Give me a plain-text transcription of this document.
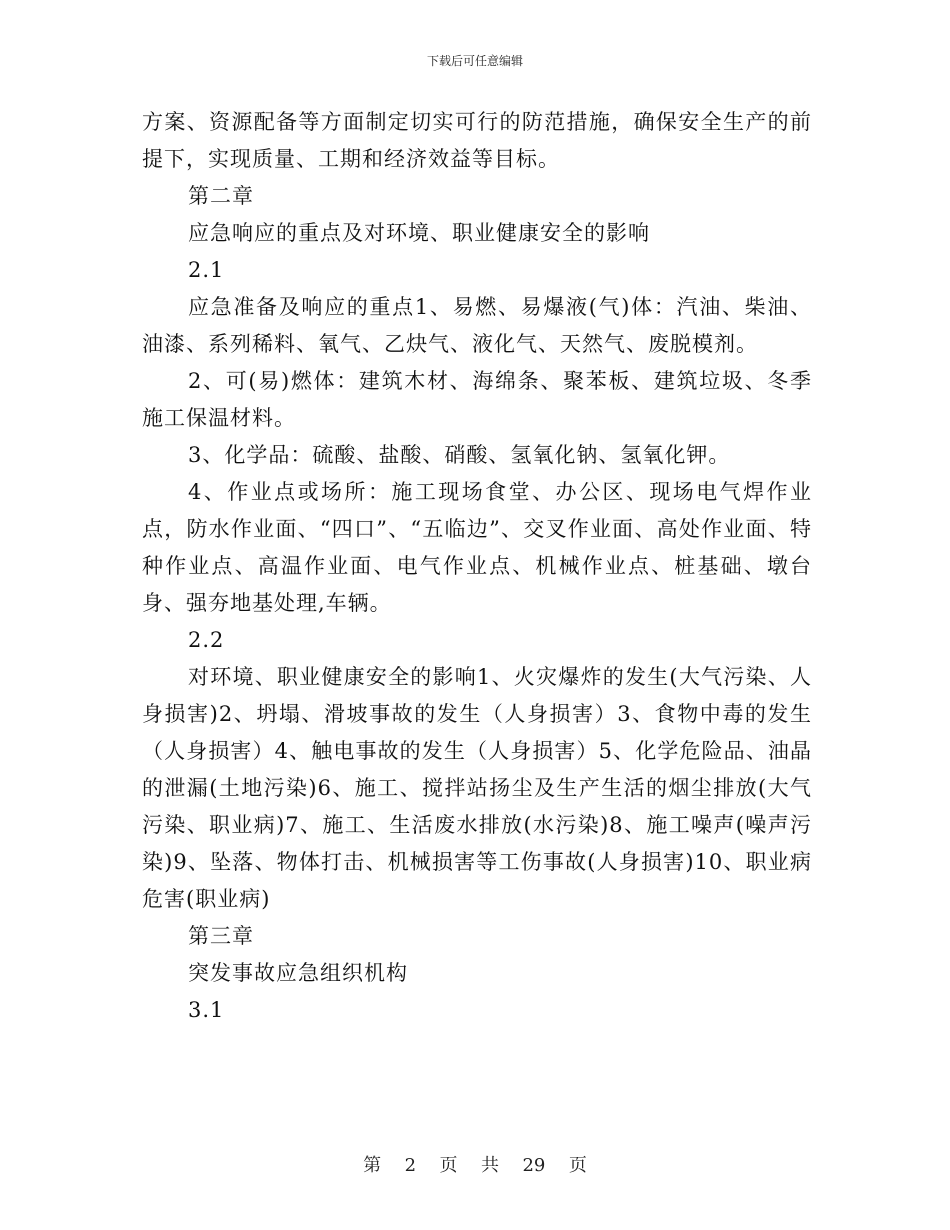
下载后可任意编辑

方案、资源配备等方面制定切实可行的防范措施，确保安全生产的前提下，实现质量、工期和经济效益等目标。

第二章

应急响应的重点及对环境、职业健康安全的影响

2.1

应急准备及响应的重点1、易燃、易爆液(气)体：汽油、柴油、油漆、系列稀料、氧气、乙炔气、液化气、天然气、废脱模剂。

2、可(易)燃体：建筑木材、海绵条、聚苯板、建筑垃圾、冬季施工保温材料。

3、化学品：硫酸、盐酸、硝酸、氢氧化钠、氢氧化钾。

4、作业点或场所：施工现场食堂、办公区、现场电气焊作业点，防水作业面、“四口”、“五临边”、交叉作业面、高处作业面、特种作业点、高温作业面、电气作业点、机械作业点、桩基础、墩台身、强夯地基处理,车辆。

2.2

对环境、职业健康安全的影响1、火灾爆炸的发生(大气污染、人身损害)2、坍塌、滑坡事故的发生（人身损害）3、食物中毒的发生（人身损害）4、触电事故的发生（人身损害）5、化学危险品、油晶的泄漏(土地污染)6、施工、搅拌站扬尘及生产生活的烟尘排放(大气污染、职业病)7、施工、生活废水排放(水污染)8、施工噪声(噪声污染)9、坠落、物体打击、机械损害等工伤事故(人身损害)10、职业病危害(职业病)

第三章

突发事故应急组织机构

3.1

第 2 页 共 29 页
